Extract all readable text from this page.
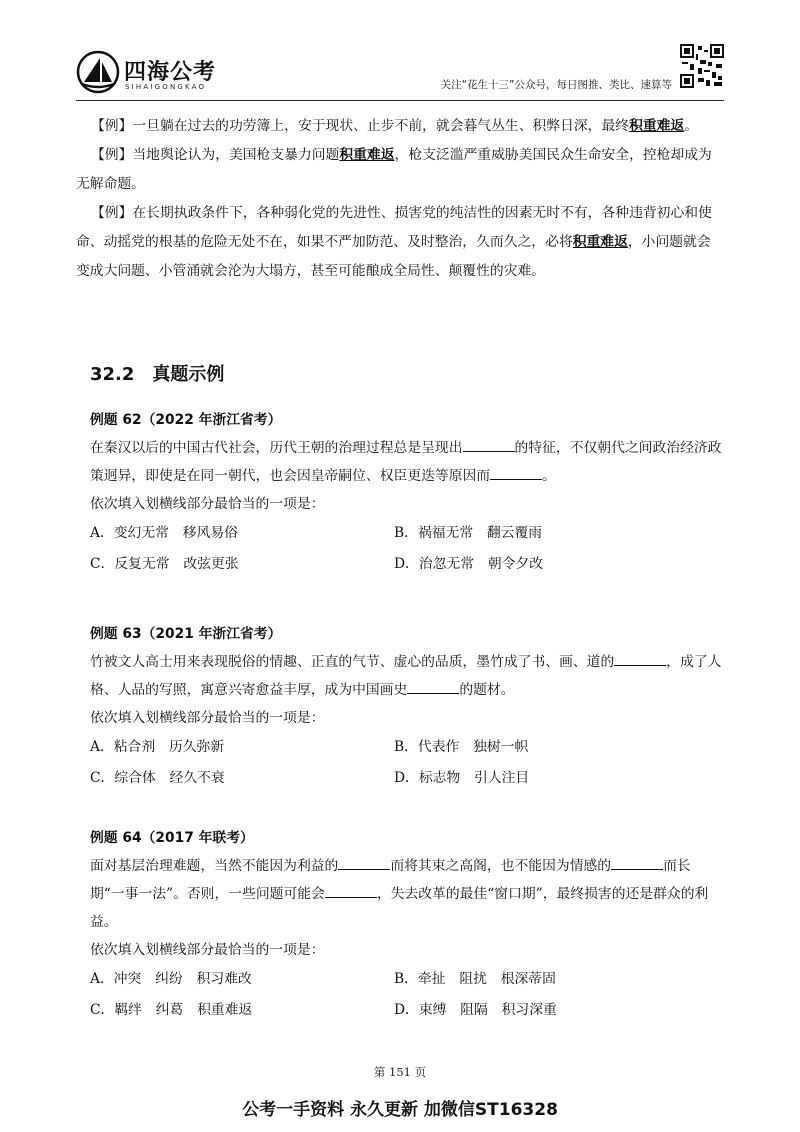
四海公考
SIHAIGONGKAO	关注“花生十三”公众号，每日图推、类比、速算等

【例】一旦躺在过去的功劳簿上，安于现状、止步不前，就会暮气丛生、积弊日深，最终积重难返。

【例】当地舆论认为，美国枪支暴力问题积重难返，枪支泛滥严重威胁美国民众生命安全，控枪却成为无解命题。

【例】在长期执政条件下，各种弱化党的先进性、损害党的纯洁性的因素无时不有，各种违背初心和使命、动摇党的根基的危险无处不在，如果不严加防范、及时整治，久而久之，必将积重难返，小问题就会变成大问题、小管涌就会沦为大塌方，甚至可能酿成全局性、颠覆性的灾难。

32.2 真题示例

例题 62（2022 年浙江省考）

在秦汉以后的中国古代社会，历代王朝的治理过程总是呈现出	的特征，不仅朝代之间政治经济政策迥异，即使是在同一朝代，也会因皇帝嗣位、权臣更迭等原因而	。

依次填入划横线部分最恰当的一项是：

A．变幻无常　移风易俗	B．祸福无常　翻云覆雨
C．反复无常　改弦更张	D．治忽无常　朝令夕改

例题 63（2021 年浙江省考）

竹被文人高士用来表现脱俗的情趣、正直的气节、虚心的品质，墨竹成了书、画、道的	，成了人格、人品的写照，寓意兴寄愈益丰厚，成为中国画史	的题材。

依次填入划横线部分最恰当的一项是：

A．粘合剂　历久弥新	B．代表作　独树一帜
C．综合体　经久不衰	D．标志物　引人注目

例题 64（2017 年联考）

面对基层治理难题，当然不能因为利益的	而将其束之高阁，也不能因为情感的	而长期“一事一法”。否则，一些问题可能会	，失去改革的最佳“窗口期”，最终损害的还是群众的利益。

依次填入划横线部分最恰当的一项是：

A．冲突　纠纷　积习难改	B．牵扯　阻扰　根深蒂固
C．羁绊　纠葛　积重难返	D．束缚　阻隔　积习深重
第 151 页
公考一手资料 永久更新 加微信ST16328
